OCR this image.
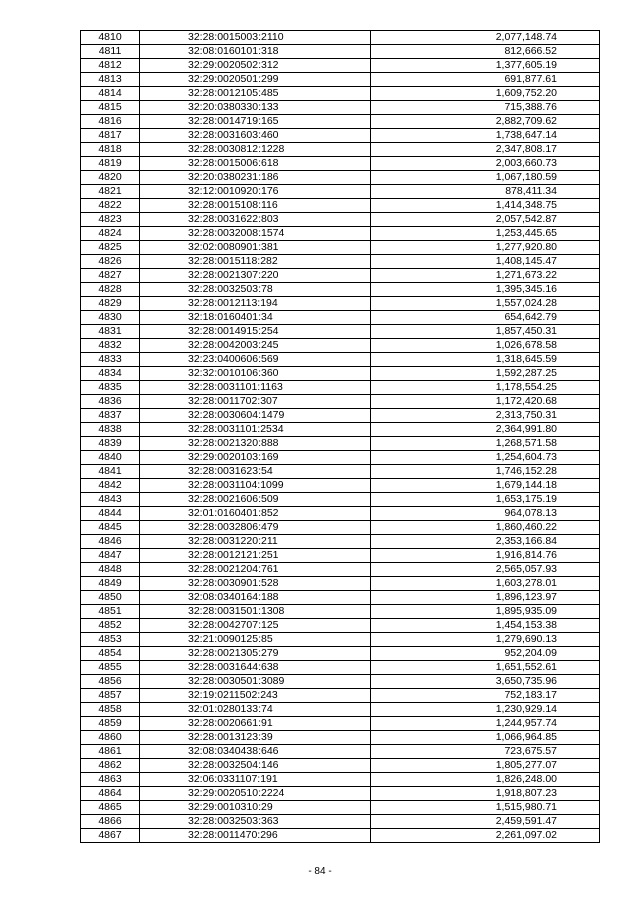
4810	32:28:0015003:2110	2,077,148.74
4811	32:08:0160101:318	812,666.52
4812	32:29:0020502:312	1,377,605.19
4813	32:29:0020501:299	691,877.61
4814	32:28:0012105:485	1,609,752.20
4815	32:20:0380330:133	715,388.76
4816	32:28:0014719:165	2,882,709.62
4817	32:28:0031603:460	1,738,647.14
4818	32:28:0030812:1228	2,347,808.17
4819	32:28:0015006:618	2,003,660.73
4820	32:20:0380231:186	1,067,180.59
4821	32:12:0010920:176	878,411.34
4822	32:28:0015108:116	1,414,348.75
4823	32:28:0031622:803	2,057,542.87
4824	32:28:0032008:1574	1,253,445.65
4825	32:02:0080901:381	1,277,920.80
4826	32:28:0015118:282	1,408,145.47
4827	32:28:0021307:220	1,271,673.22
4828	32:28:0032503:78	1,395,345.16
4829	32:28:0012113:194	1,557,024.28
4830	32:18:0160401:34	654,642.79
4831	32:28:0014915:254	1,857,450.31
4832	32:28:0042003:245	1,026,678.58
4833	32:23:0400606:569	1,318,645.59
4834	32:32:0010106:360	1,592,287.25
4835	32:28:0031101:1163	1,178,554.25
4836	32:28:0011702:307	1,172,420.68
4837	32:28:0030604:1479	2,313,750.31
4838	32:28:0031101:2534	2,364,991.80
4839	32:28:0021320:888	1,268,571.58
4840	32:29:0020103:169	1,254,604.73
4841	32:28:0031623:54	1,746,152.28
4842	32:28:0031104:1099	1,679,144.18
4843	32:28:0021606:509	1,653,175.19
4844	32:01:0160401:852	964,078.13
4845	32:28:0032806:479	1,860,460.22
4846	32:28:0031220:211	2,353,166.84
4847	32:28:0012121:251	1,916,814.76
4848	32:28:0021204:761	2,565,057.93
4849	32:28:0030901:528	1,603,278.01
4850	32:08:0340164:188	1,896,123.97
4851	32:28:0031501:1308	1,895,935.09
4852	32:28:0042707:125	1,454,153.38
4853	32:21:0090125:85	1,279,690.13
4854	32:28:0021305:279	952,204.09
4855	32:28:0031644:638	1,651,552.61
4856	32:28:0030501:3089	3,650,735.96
4857	32:19:0211502:243	752,183.17
4858	32:01:0280133:74	1,230,929.14
4859	32:28:0020661:91	1,244,957.74
4860	32:28:0013123:39	1,066,964.85
4861	32:08:0340438:646	723,675.57
4862	32:28:0032504:146	1,805,277.07
4863	32:06:0331107:191	1,826,248.00
4864	32:29:0020510:2224	1,918,807.23
4865	32:29:0010310:29	1,515,980.71
4866	32:28:0032503:363	2,459,591.47
4867	32:28:0011470:296	2,261,097.02
- 84 -
